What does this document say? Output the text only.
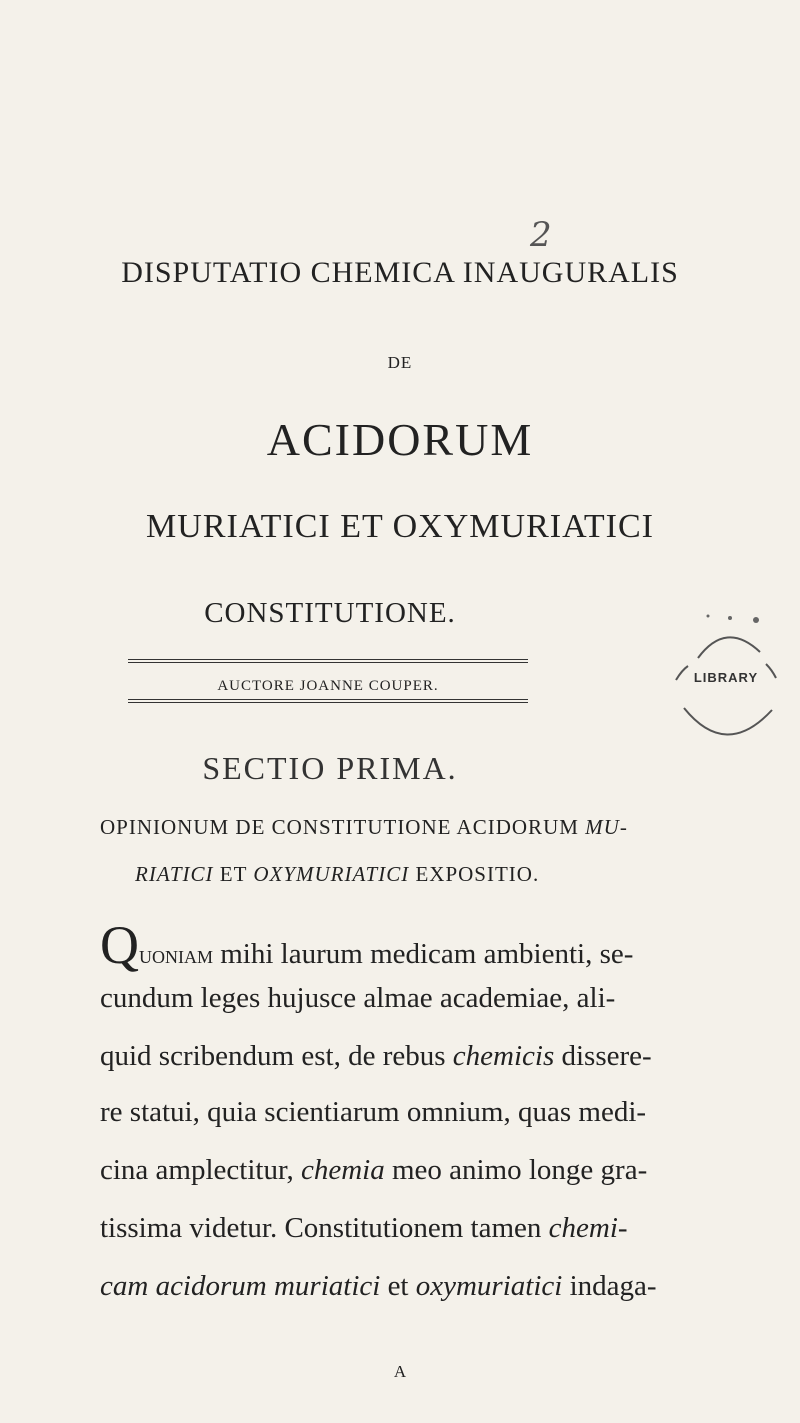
2
DISPUTATIO CHEMICA INAUGURALIS
DE
ACIDORUM
MURIATICI ET OXYMURIATICI
CONSTITUTIONE.
AUCTORE JOANNE COUPER.
LIBRARY
SECTIO PRIMA.
OPINIONUM DE CONSTITUTIONE ACIDORUM MU-
RIATICI ET OXYMURIATICI EXPOSITIO.
Quoniam mihi laurum medicam ambienti, se-
cundum leges hujusce almae academiae, ali-
quid scribendum est, de rebus chemicis dissere-
re statui, quia scientiarum omnium, quas medi-
cina amplectitur, chemia meo animo longe gra-
tissima videtur. Constitutionem tamen chemi-
cam acidorum muriatici et oxymuriatici indaga-
A
